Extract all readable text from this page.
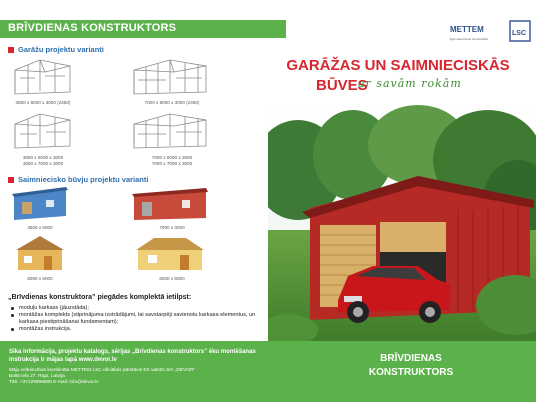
BRĪVDIENAS KONSTRUKTORS	METTEM	LSC
light steel frame construction
Garāžu projektu varianti
3500 x 6000 x 3000 (2460)	7000 x 6000 x 3000 (2460)
3500 x 6000 x 3000
3500 x 7000 x 3000
7000 x 6000 x 3000
7000 x 7000 x 3000
Saimniecisko būvju projektu varianti
3500 x 6000	7000 x 3000
6000 x 6000	6000 x 6000
„Brīvdienas konstruktora” piegādes komplektā ietilpst:
moduļu karkass (jāuzstāda);
montāžas komplekts (stiprinājuma izstrādājumi, lai savstarpēji savienotu karkasa elementus, un karkasa piestiprināšanai fundamentam);
montāžas instrukcija.
GARĀŽAS UN SAIMNIECISKĀS
BŪVES
ar savām rokām
Sīka informācija, projektu katalogs, sērijas „Brīvdienas konstruktors” ēku montēšanas instrukcija ir mājas lapā www.devor.lv
Māju celtniecības kombināta METTEM LSC oficiālais pārstāvis ES valstīs SIA „DEVOR”
Baltā iela 27, Rīga, Latvija
Tālr. +37129998888 E-mail: info@devor.lv
BRĪVDIENAS
KONSTRUKTORS
